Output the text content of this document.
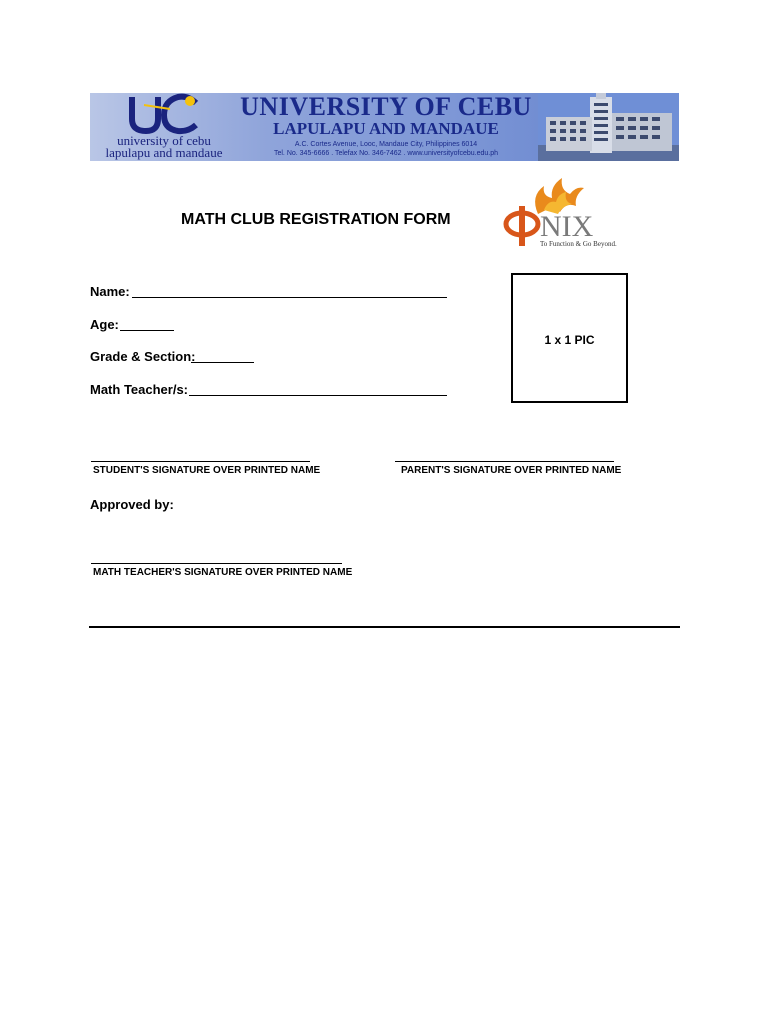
university of cebu
lapulapu and mandaue
UNIVERSITY OF CEBU
LAPULAPU AND MANDAUE
A.C. Cortes Avenue, Looc, Mandaue City, Philippines 6014
Tel. No. 345-6666 . Telefax No. 346-7462 . www.universityofcebu.edu.ph
MATH CLUB REGISTRATION FORM	NIX
To Function & Go Beyond.
Name:
Age:
Grade & Section:
Math Teacher/s:
1 x 1 PIC
STUDENT'S SIGNATURE OVER PRINTED NAME	PARENT'S SIGNATURE OVER PRINTED NAME
Approved by:
MATH TEACHER'S SIGNATURE OVER PRINTED NAME
